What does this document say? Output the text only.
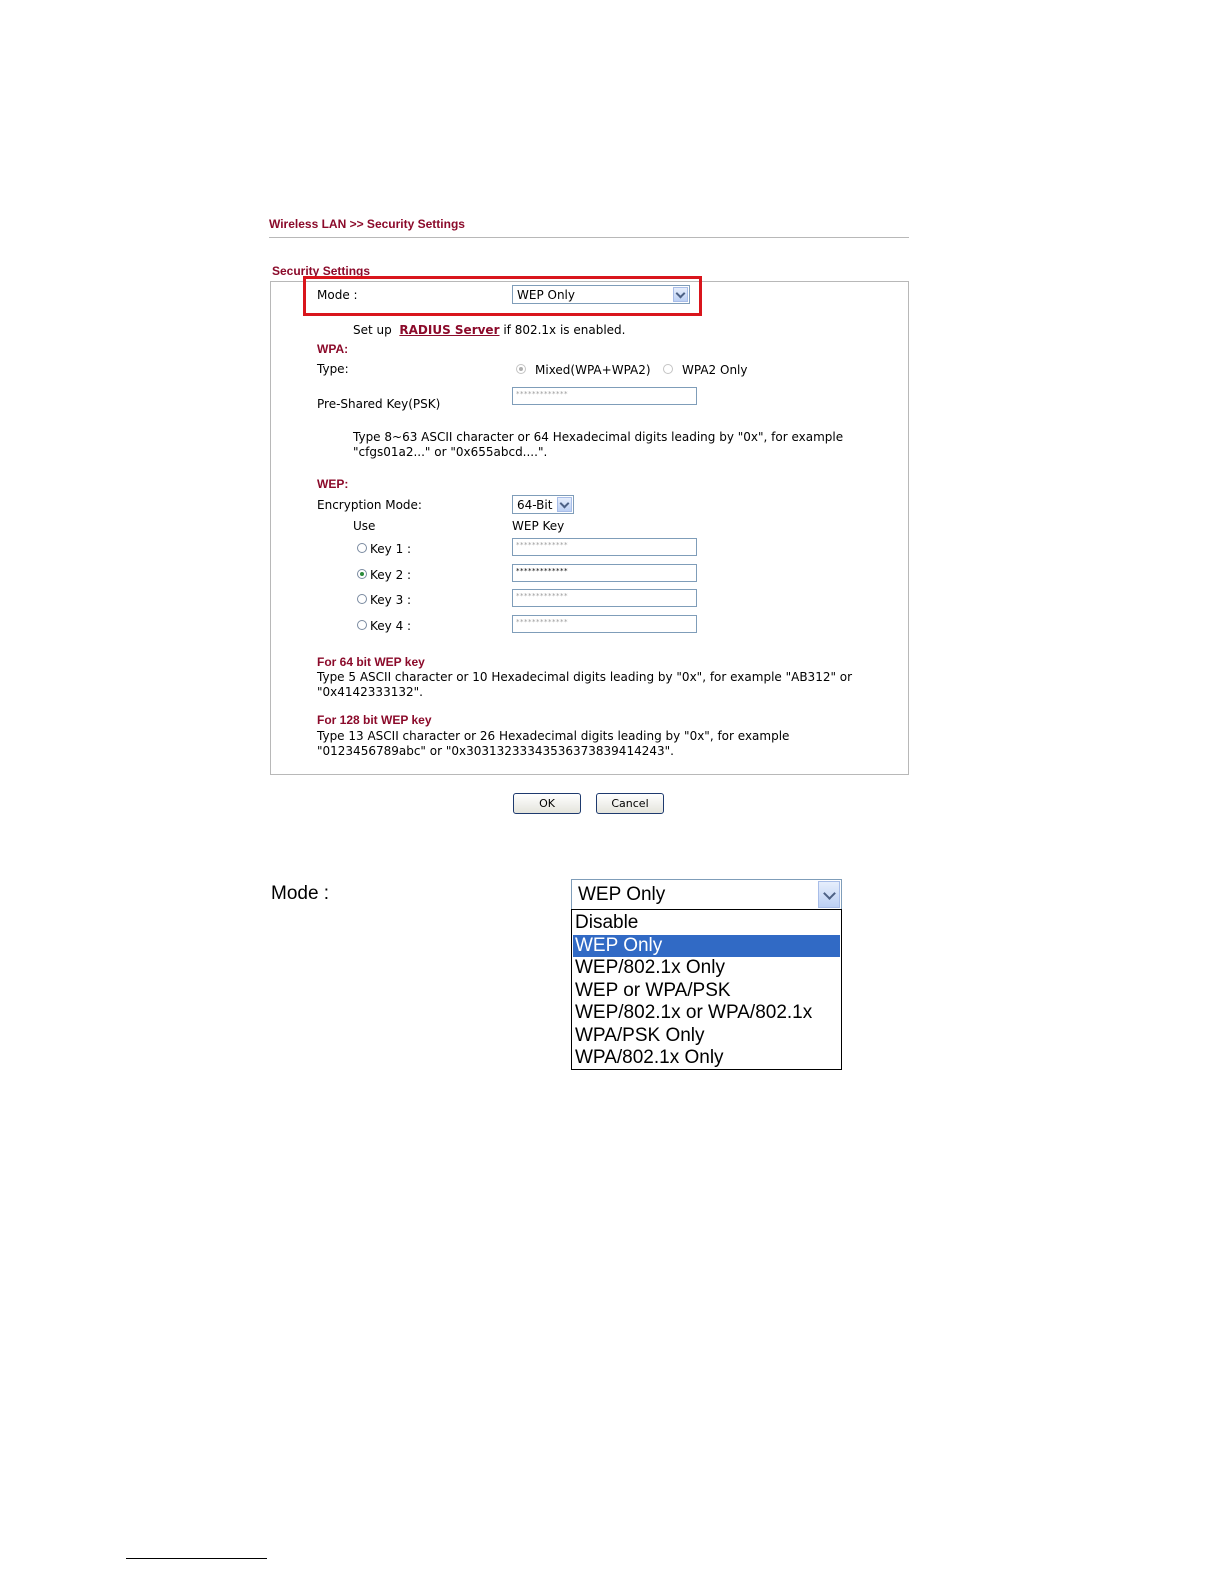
Wireless LAN >> Security Settings
Security Settings
Mode :	WEP Only
Set up RADIUS Server if 802.1x is enabled.
WPA:
Type:	Mixed(WPA+WPA2)	WPA2 Only
Pre-Shared Key(PSK)
*************
Type 8~63 ASCII character or 64 Hexadecimal digits leading by "0x", for example
"cfgs01a2..." or "0x655abcd....".
WEP:
Encryption Mode:	64-Bit
Use	WEP Key
Key 1 :	*************
Key 2 :	*************
Key 3 :	*************
Key 4 :	*************
For 64 bit WEP key
Type 5 ASCII character or 10 Hexadecimal digits leading by "0x", for example "AB312" or
"0x4142333132".
For 128 bit WEP key
Type 13 ASCII character or 26 Hexadecimal digits leading by "0x", for example
"0123456789abc" or "0x30313233343536373839414243".
OK	Cancel
Mode :	WEP Only
Disable
WEP Only
WEP/802.1x Only
WEP or WPA/PSK
WEP/802.1x or WPA/802.1x
WPA/PSK Only
WPA/802.1x Only
